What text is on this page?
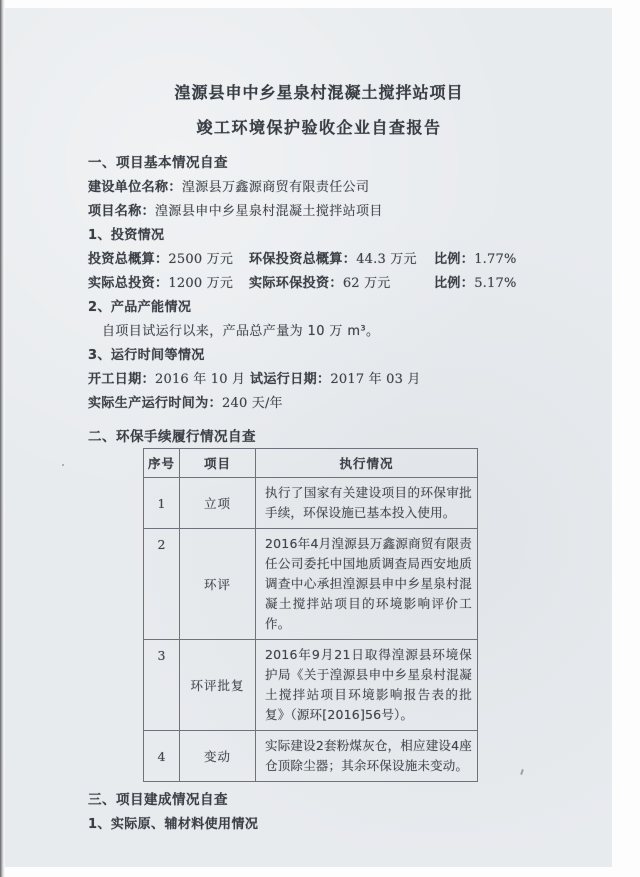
湟源县申中乡星泉村混凝土搅拌站项目
竣工环境保护验收企业自查报告
一、项目基本情况自查
建设单位名称：湟源县万鑫源商贸有限责任公司
项目名称：湟源县申中乡星泉村混凝土搅拌站项目
1、投资情况
投资总概算：2500 万元	环保投资总概算：44.3 万元	比例：1.77%
实际总投资：1200 万元	实际环保投资：62 万元	比例：5.17%
2、产品产能情况
自项目试运行以来，产品总产量为 10 万 m³。
3、运行时间等情况
开工日期：2016 年 10 月 试运行日期：2017 年 03 月
实际生产运行时间为：240 天/年
二、环保手续履行情况自查
序号	项目	执行情况
1	立项	执行了国家有关建设项目的环保审批手续，环保设施已基本投入使用。
2	环评	2016年4月湟源县万鑫源商贸有限责任公司委托中国地质调查局西安地质调查中心承担湟源县申中乡星泉村混凝土搅拌站项目的环境影响评价工作。
3	环评批复	2016年9月21日取得湟源县环境保护局《关于湟源县申中乡星泉村混凝土搅拌站项目环境影响报告表的批复》（源环[2016]56号）。
4	变动	实际建设2套粉煤灰仓，相应建设4座仓顶除尘器；其余环保设施未变动。
三、项目建成情况自查
1、实际原、辅材料使用情况
